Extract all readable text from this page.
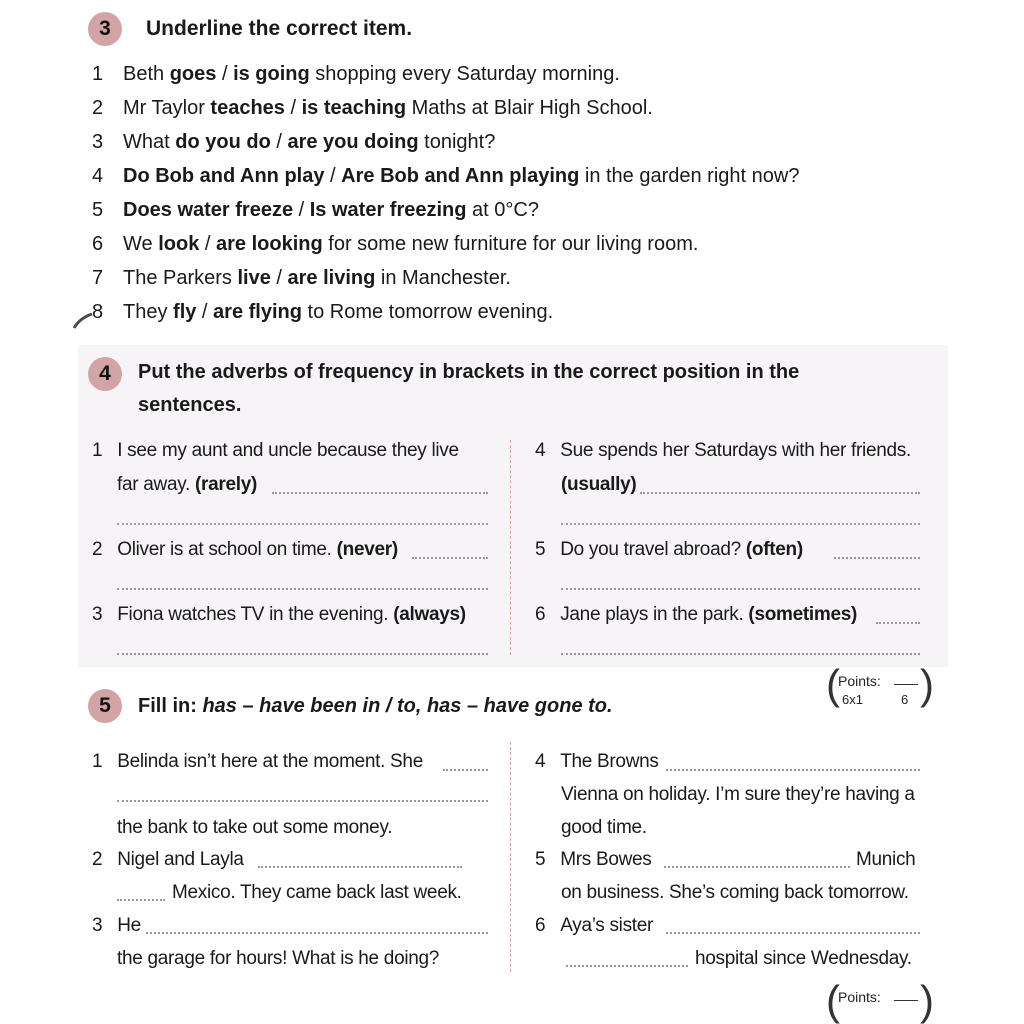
3 Underline the correct item.
1 Beth goes / is going shopping every Saturday morning.
2 Mr Taylor teaches / is teaching Maths at Blair High School.
3 What do you do / are you doing tonight?
4 Do Bob and Ann play / Are Bob and Ann playing in the garden right now?
5 Does water freeze / Is water freezing at 0°C?
6 We look / are looking for some new furniture for our living room.
7 The Parkers live / are living in Manchester.
8 They fly / are flying to Rome tomorrow evening.
4 Put the adverbs of frequency in brackets in the correct position in the
sentences.
1 I see my aunt and uncle because they live
far away. (rarely)
2 Oliver is at school on time. (never)
3 Fiona watches TV in the evening. (always)
4 Sue spends her Saturdays with her friends.
(usually)
5 Do you travel abroad? (often)
6 Jane plays in the park. (sometimes)
(
Points:
6x1	6 )
5 Fill in: has – have been in / to, has – have gone to.
1 Belinda isn’t here at the moment. She
the bank to take out some money.
2 Nigel and Layla
Mexico. They came back last week.
3 He
the garage for hours! What is he doing?
4 The Browns
Vienna on holiday. I’m sure they’re having a
good time.
5 Mrs Bowes	Munich
on business. She’s coming back tomorrow.
6 Aya’s sister
hospital since Wednesday.
(
Points: )
